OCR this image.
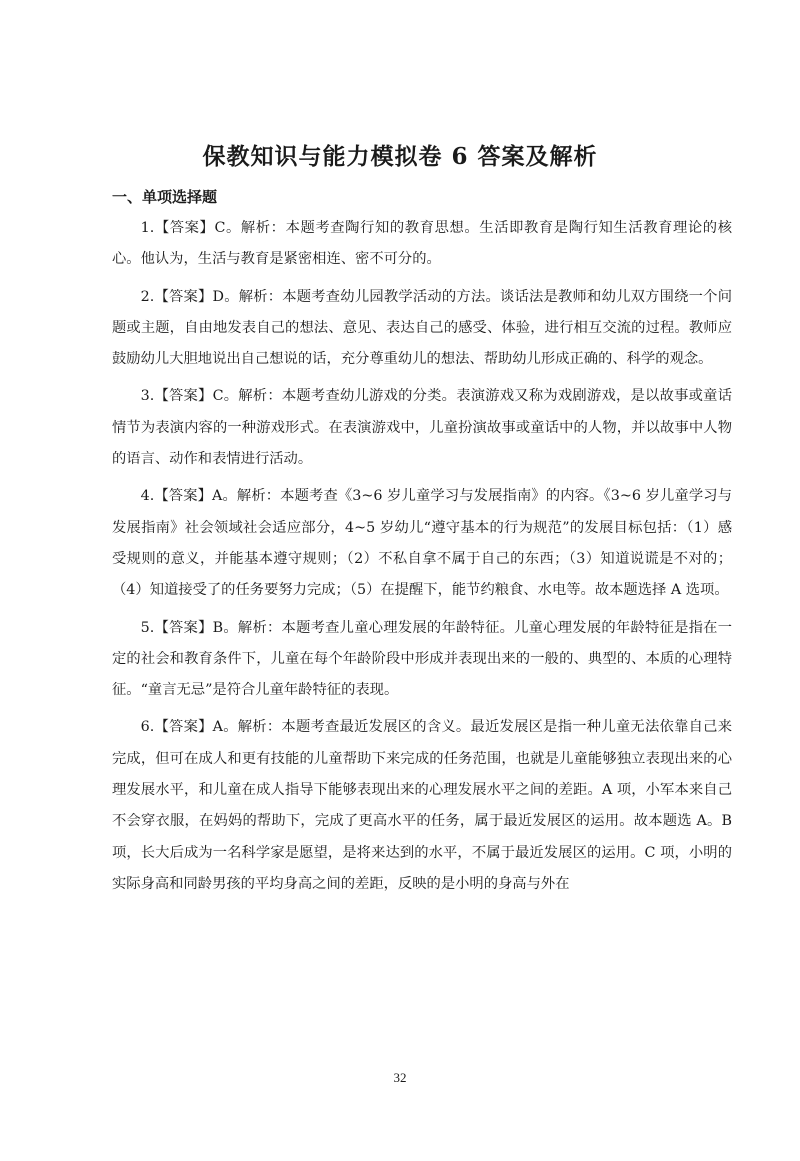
保教知识与能力模拟卷 6 答案及解析
一、单项选择题

1.【答案】C。解析：本题考查陶行知的教育思想。生活即教育是陶行知生活教育理论的核心。他认为，生活与教育是紧密相连、密不可分的。

2.【答案】D。解析：本题考查幼儿园教学活动的方法。谈话法是教师和幼儿双方围绕一个问题或主题，自由地发表自己的想法、意见、表达自己的感受、体验，进行相互交流的过程。教师应鼓励幼儿大胆地说出自己想说的话，充分尊重幼儿的想法、帮助幼儿形成正确的、科学的观念。

3.【答案】C。解析：本题考查幼儿游戏的分类。表演游戏又称为戏剧游戏，是以故事或童话情节为表演内容的一种游戏形式。在表演游戏中，儿童扮演故事或童话中的人物，并以故事中人物的语言、动作和表情进行活动。

4.【答案】A。解析：本题考查《3~6 岁儿童学习与发展指南》的内容。《3~6 岁儿童学习与发展指南》社会领域社会适应部分，4~5 岁幼儿“遵守基本的行为规范”的发展目标包括：（1）感受规则的意义，并能基本遵守规则；（2）不私自拿不属于自己的东西；（3）知道说谎是不对的；（4）知道接受了的任务要努力完成；（5）在提醒下，能节约粮食、水电等。故本题选择 A 选项。

5.【答案】B。解析：本题考查儿童心理发展的年龄特征。儿童心理发展的年龄特征是指在一定的社会和教育条件下，儿童在每个年龄阶段中形成并表现出来的一般的、典型的、本质的心理特征。“童言无忌”是符合儿童年龄特征的表现。

6.【答案】A。解析：本题考查最近发展区的含义。最近发展区是指一种儿童无法依靠自己来完成，但可在成人和更有技能的儿童帮助下来完成的任务范围，也就是儿童能够独立表现出来的心理发展水平，和儿童在成人指导下能够表现出来的心理发展水平之间的差距。A 项，小军本来自己不会穿衣服，在妈妈的帮助下，完成了更高水平的任务，属于最近发展区的运用。故本题选 A。B 项，长大后成为一名科学家是愿望，是将来达到的水平，不属于最近发展区的运用。C 项，小明的实际身高和同龄男孩的平均身高之间的差距，反映的是小明的身高与外在

32
